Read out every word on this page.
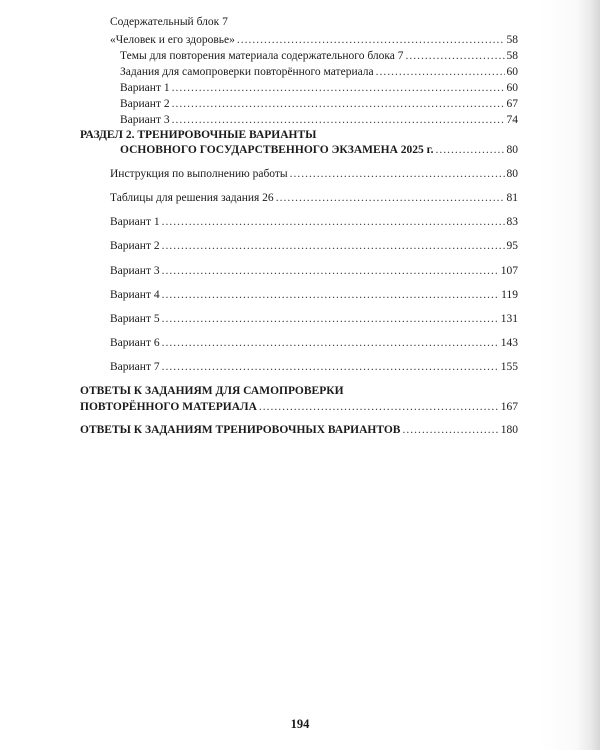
Содержательный блок 7
«Человек и его здоровье» .....	58
Темы для повторения материала содержательного блока 7 .....	58
Задания для самопроверки повторённого материала .....	60
Вариант 1 .....	60
Вариант 2 .....	67
Вариант 3 .....	74
РАЗДЕЛ 2. ТРЕНИРОВОЧНЫЕ ВАРИАНТЫ
ОСНОВНОГО ГОСУДАРСТВЕННОГО ЭКЗАМЕНА 2025 г. .....	80
Инструкция по выполнению работы .....	80
Таблицы для решения задания 26 .....	81
Вариант 1 .....	83
Вариант 2 .....	95
Вариант 3 .....	107
Вариант 4 .....	119
Вариант 5 .....	131
Вариант 6 .....	143
Вариант 7 .....	155
ОТВЕТЫ К ЗАДАНИЯМ ДЛЯ САМОПРОВЕРКИ
ПОВТОРЁННОГО МАТЕРИАЛА .....	167
ОТВЕТЫ К ЗАДАНИЯМ ТРЕНИРОВОЧНЫХ ВАРИАНТОВ .....	180
194
